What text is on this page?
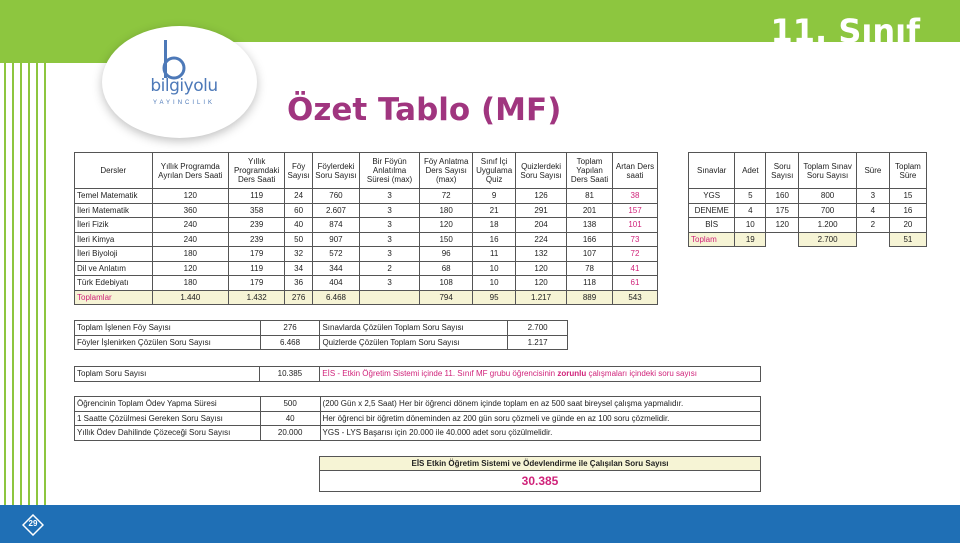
11. Sınıf
bilgiyolu
YAYINCILIK	Özet Tablo (MF)
Dersler	Yıllık Programda Ayrılan Ders Saati	Yıllık Programdaki Ders Saati	Föy Sayısı	Föylerdeki Soru Sayısı	Bir Föyün Anlatılma Süresi (max)	Föy Anlatma Ders Sayısı (max)	Sınıf İçi Uygulama Quiz	Quizlerdeki Soru Sayısı	Toplam Yapılan Ders Saati	Artan Ders saati
Temel Matematik	120	119	24	760	3	72	9	126	81	38
İleri Matematik	360	358	60	2.607	3	180	21	291	201	157
İleri Fizik	240	239	40	874	3	120	18	204	138	101
İleri Kimya	240	239	50	907	3	150	16	224	166	73
İleri Biyoloji	180	179	32	572	3	96	11	132	107	72
Dil ve Anlatım	120	119	34	344	2	68	10	120	78	41
Türk Edebiyatı	180	179	36	404	3	108	10	120	118	61
Toplamlar	1.440	1.432	276	6.468		794	95	1.217	889	543
Sınavlar	Adet	Soru Sayısı	Toplam Sınav Soru Sayısı	Süre	Toplam Süre
YGS	5	160	800	3	15
DENEME	4	175	700	4	16
BİS	10	120	1.200	2	20
Toplam	19		2.700		51
Toplam İşlenen Föy Sayısı	276	Sınavlarda Çözülen Toplam Soru Sayısı	2.700
Föyler İşlenirken Çözülen Soru Sayısı	6.468	Quizlerde Çözülen Toplam Soru Sayısı	1.217
Toplam Soru Sayısı	10.385	EİS - Etkin Öğretim Sistemi içinde 11. Sınıf MF grubu öğrencisinin zorunlu çalışmaları içindeki soru sayısı
Öğrencinin Toplam Ödev Yapma Süresi	500	(200 Gün x 2,5 Saat) Her bir öğrenci dönem içinde toplam en az 500 saat bireysel çalışma yapmalıdır.
1 Saatte Çözülmesi Gereken Soru Sayısı	40	Her öğrenci bir öğretim döneminden az 200 gün soru çözmeli ve günde en az 100 soru çözmelidir.
Yıllık Ödev Dahilinde Çözeceği Soru Sayısı	20.000	YGS - LYS Başarısı için 20.000 ile 40.000 adet soru çözülmelidir.
EİS Etkin Öğretim Sistemi ve Ödevlendirme ile Çalışılan Soru Sayısı
30.385
29
